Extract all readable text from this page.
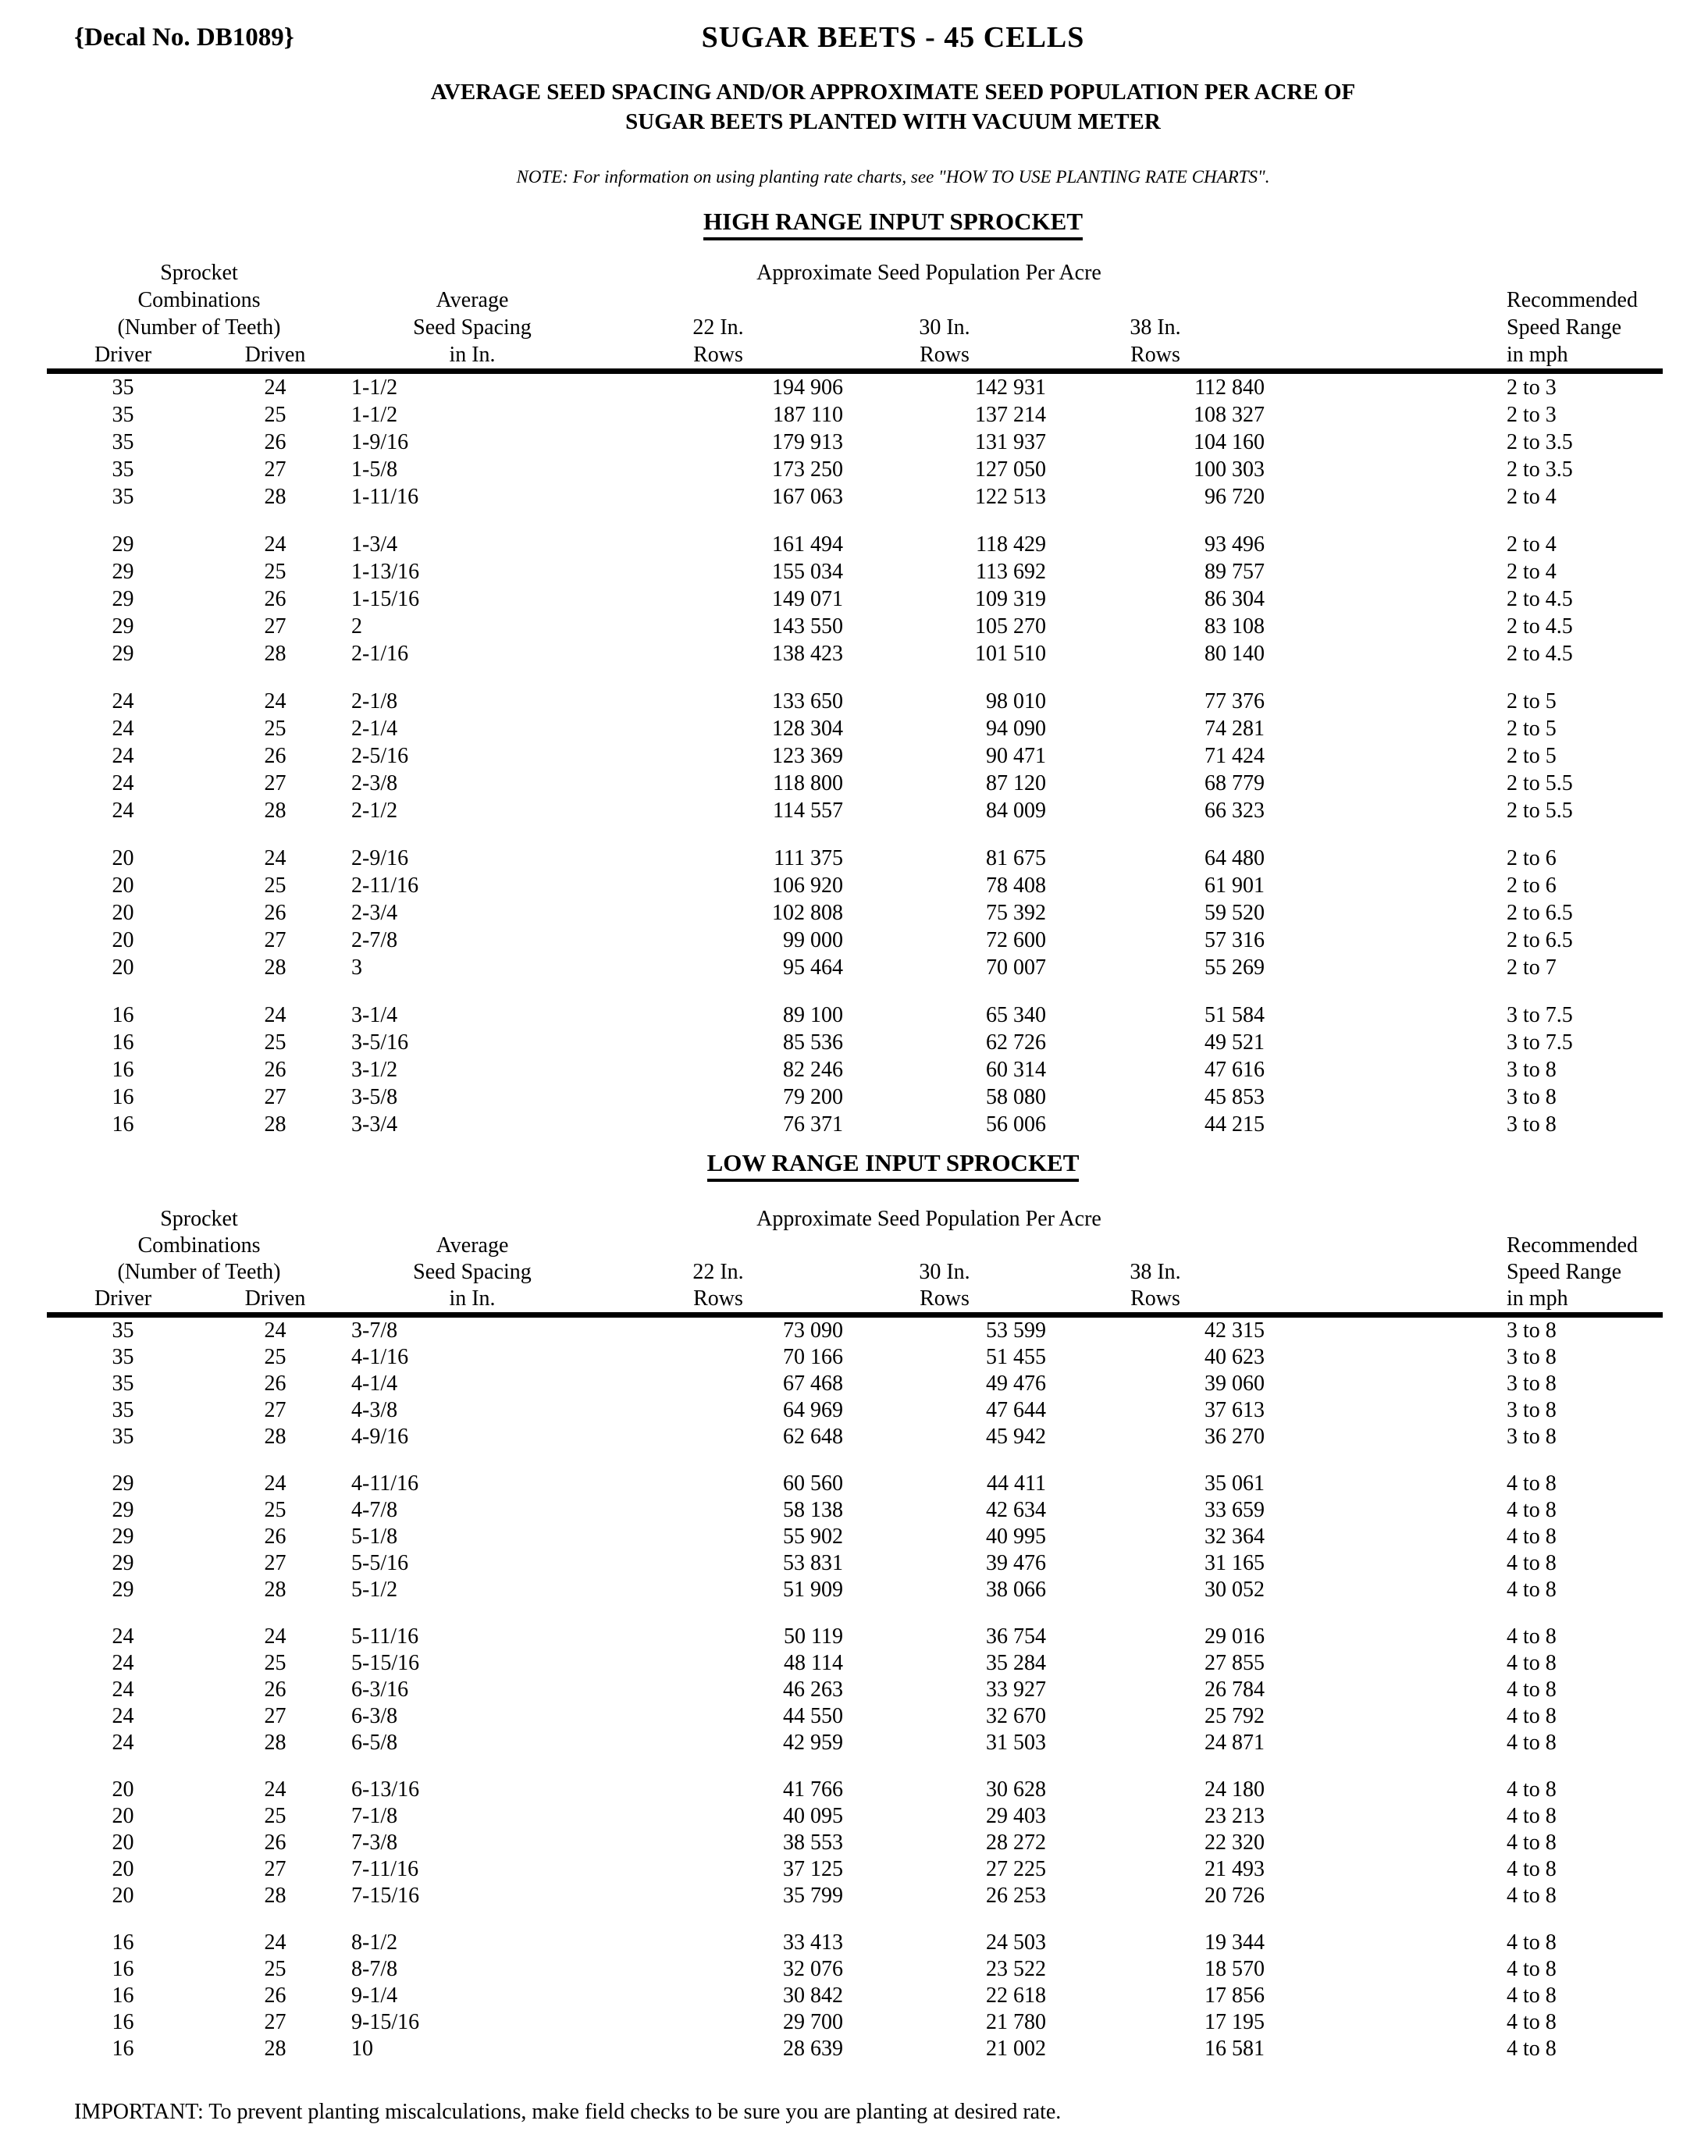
{Decal No. DB1089}	SUGAR BEETS - 45 CELLS
AVERAGE SEED SPACING AND/OR APPROXIMATE SEED POPULATION PER ACRE OF
SUGAR BEETS PLANTED WITH VACUUM METER
NOTE: For information on using planting rate charts, see "HOW TO USE PLANTING RATE CHARTS".
HIGH RANGE INPUT SPROCKET
Sprocket			Approximate Seed Population Per Acre				
Combinations		Average					Recommended
(Number of Teeth)		Seed Spacing	22 In.	30 In.	38 In.		Speed Range
Driver	Driven	in In.	Rows	Rows	Rows		in mph
35	24	1-1/2	194 906	142 931	112 840		2 to 3
35	25	1-1/2	187 110	137 214	108 327		2 to 3
35	26	1-9/16	179 913	131 937	104 160		2 to 3.5
35	27	1-5/8	173 250	127 050	100 303		2 to 3.5
35	28	1-11/16	167 063	122 513	96 720		2 to 4

29	24	1-3/4	161 494	118 429	93 496		2 to 4
29	25	1-13/16	155 034	113 692	89 757		2 to 4
29	26	1-15/16	149 071	109 319	86 304		2 to 4.5
29	27	2	143 550	105 270	83 108		2 to 4.5
29	28	2-1/16	138 423	101 510	80 140		2 to 4.5

24	24	2-1/8	133 650	98 010	77 376		2 to 5
24	25	2-1/4	128 304	94 090	74 281		2 to 5
24	26	2-5/16	123 369	90 471	71 424		2 to 5
24	27	2-3/8	118 800	87 120	68 779		2 to 5.5
24	28	2-1/2	114 557	84 009	66 323		2 to 5.5

20	24	2-9/16	111 375	81 675	64 480		2 to 6
20	25	2-11/16	106 920	78 408	61 901		2 to 6
20	26	2-3/4	102 808	75 392	59 520		2 to 6.5
20	27	2-7/8	99 000	72 600	57 316		2 to 6.5
20	28	3	95 464	70 007	55 269		2 to 7

16	24	3-1/4	89 100	65 340	51 584		3 to 7.5
16	25	3-5/16	85 536	62 726	49 521		3 to 7.5
16	26	3-1/2	82 246	60 314	47 616		3 to 8
16	27	3-5/8	79 200	58 080	45 853		3 to 8
16	28	3-3/4	76 371	56 006	44 215		3 to 8
LOW RANGE INPUT SPROCKET
Sprocket			Approximate Seed Population Per Acre				
Combinations		Average					Recommended
(Number of Teeth)		Seed Spacing	22 In.	30 In.	38 In.		Speed Range
Driver	Driven	in In.	Rows	Rows	Rows		in mph
35	24	3-7/8	73 090	53 599	42 315		3 to 8
35	25	4-1/16	70 166	51 455	40 623		3 to 8
35	26	4-1/4	67 468	49 476	39 060		3 to 8
35	27	4-3/8	64 969	47 644	37 613		3 to 8
35	28	4-9/16	62 648	45 942	36 270		3 to 8

29	24	4-11/16	60 560	44 411	35 061		4 to 8
29	25	4-7/8	58 138	42 634	33 659		4 to 8
29	26	5-1/8	55 902	40 995	32 364		4 to 8
29	27	5-5/16	53 831	39 476	31 165		4 to 8
29	28	5-1/2	51 909	38 066	30 052		4 to 8

24	24	5-11/16	50 119	36 754	29 016		4 to 8
24	25	5-15/16	48 114	35 284	27 855		4 to 8
24	26	6-3/16	46 263	33 927	26 784		4 to 8
24	27	6-3/8	44 550	32 670	25 792		4 to 8
24	28	6-5/8	42 959	31 503	24 871		4 to 8

20	24	6-13/16	41 766	30 628	24 180		4 to 8
20	25	7-1/8	40 095	29 403	23 213		4 to 8
20	26	7-3/8	38 553	28 272	22 320		4 to 8
20	27	7-11/16	37 125	27 225	21 493		4 to 8
20	28	7-15/16	35 799	26 253	20 726		4 to 8

16	24	8-1/2	33 413	24 503	19 344		4 to 8
16	25	8-7/8	32 076	23 522	18 570		4 to 8
16	26	9-1/4	30 842	22 618	17 856		4 to 8
16	27	9-15/16	29 700	21 780	17 195		4 to 8
16	28	10	28 639	21 002	16 581		4 to 8
IMPORTANT: To prevent planting miscalculations, make field checks to be sure you are planting at desired rate.
